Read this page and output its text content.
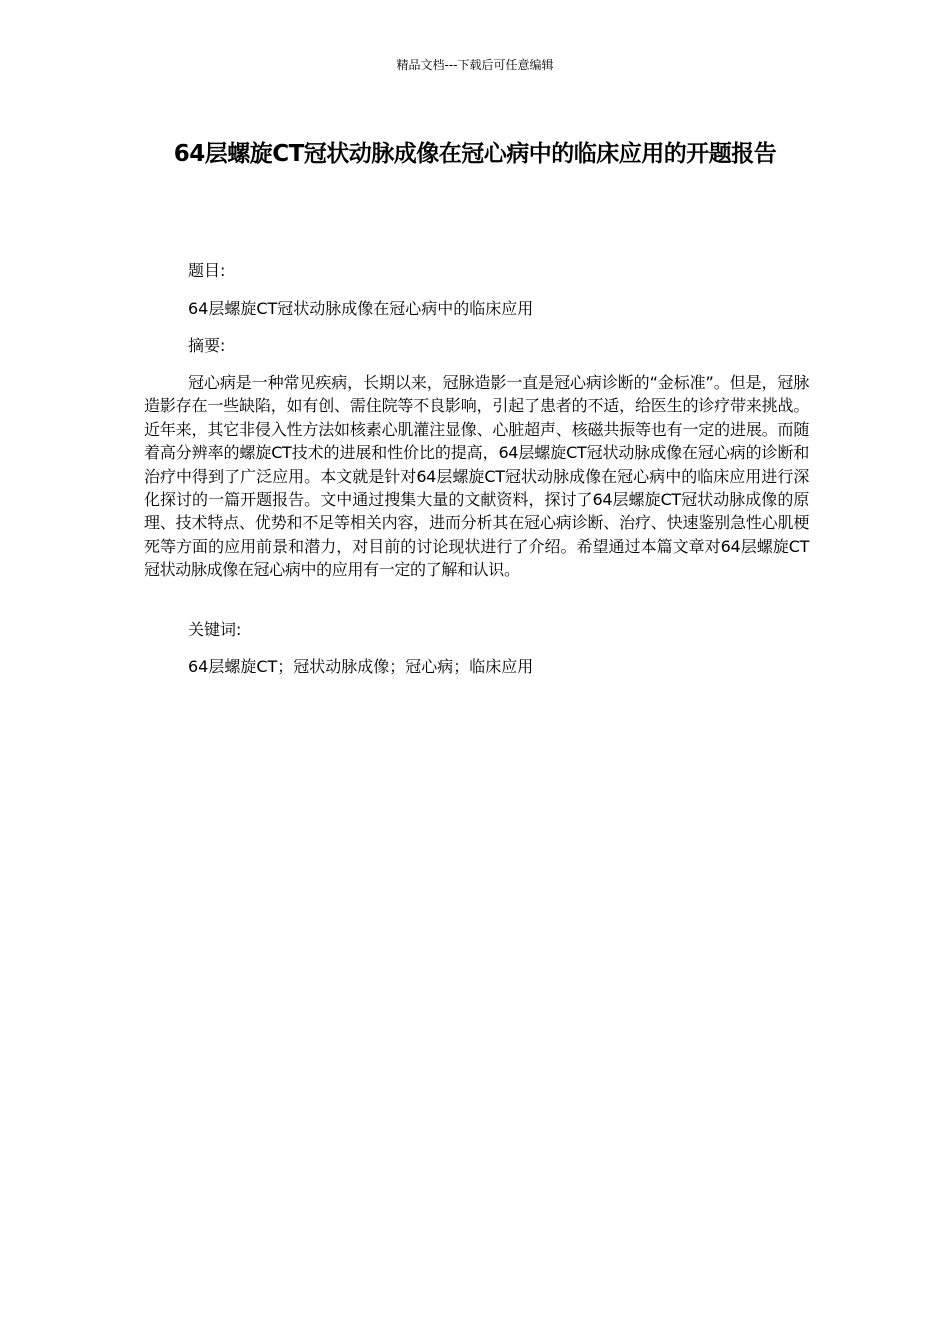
精品文档---下载后可任意编辑
64层螺旋CT冠状动脉成像在冠心病中的临床应用的开题报告
题目:
64层螺旋CT冠状动脉成像在冠心病中的临床应用
摘要:

冠心病是一种常见疾病，长期以来，冠脉造影一直是冠心病诊断的“金标准”。但是，冠脉造影存在一些缺陷，如有创、需住院等不良影响，引起了患者的不适，给医生的诊疗带来挑战。近年来，其它非侵入性方法如核素心肌灌注显像、心脏超声、核磁共振等也有一定的进展。而随着高分辨率的螺旋CT技术的进展和性价比的提高，64层螺旋CT冠状动脉成像在冠心病的诊断和治疗中得到了广泛应用。本文就是针对64层螺旋CT冠状动脉成像在冠心病中的临床应用进行深化探讨的一篇开题报告。文中通过搜集大量的文献资料，探讨了64层螺旋CT冠状动脉成像的原理、技术特点、优势和不足等相关内容，进而分析其在冠心病诊断、治疗、快速鉴别急性心肌梗死等方面的应用前景和潜力，对目前的讨论现状进行了介绍。希望通过本篇文章对64层螺旋CT冠状动脉成像在冠心病中的应用有一定的了解和认识。

关键词:
64层螺旋CT；冠状动脉成像；冠心病；临床应用
